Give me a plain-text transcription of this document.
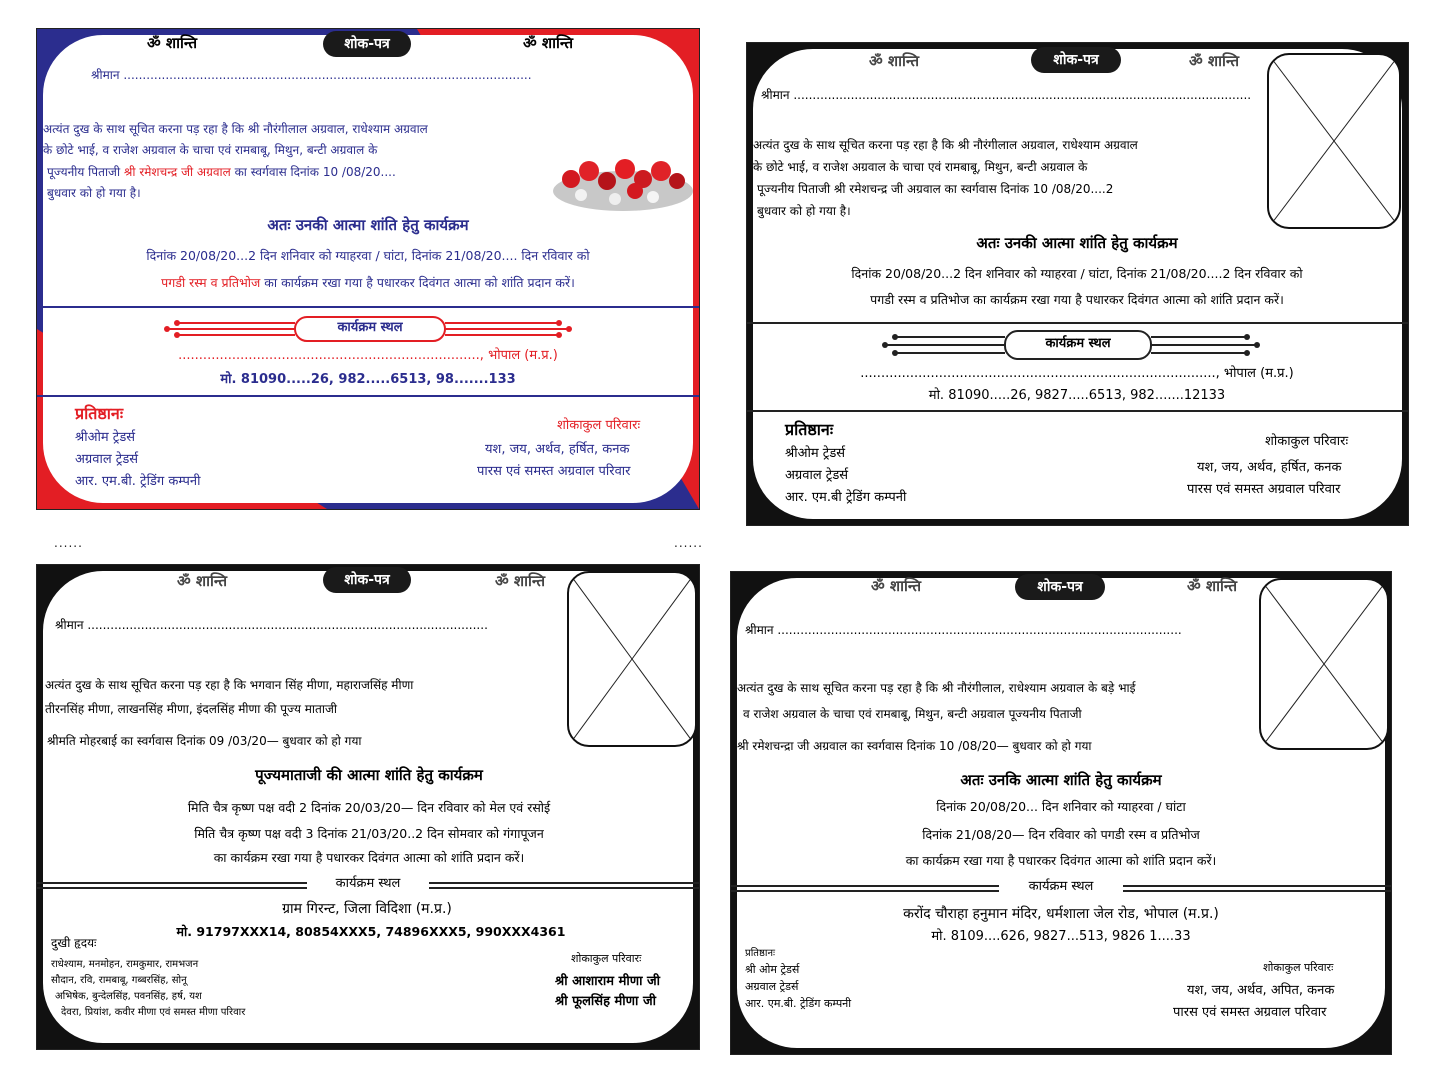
ॐ शान्ति	शोक-पत्र	ॐ शान्ति
श्रीमान ...........................................................................................................
अत्यंत दुख के साथ सूचित करना पड़ रहा है कि श्री नौरंगीलाल अग्रवाल, राधेश्याम अग्रवाल
के छोटे भाई, व राजेश अग्रवाल के चाचा एवं रामबाबू, मिथुन, बन्टी अग्रवाल के
पूज्यनीय पिताजी श्री रमेशचन्द्र जी अग्रवाल का स्वर्गवास दिनांक 10 /08/20....
बुधवार को हो गया है।
अतः उनकी आत्मा शांति हेतु कार्यक्रम
दिनांक 20/08/20...2 दिन शनिवार को ग्याहरवा / घांटा, दिनांक 21/08/20.... दिन रविवार को
पगडी रस्म व प्रतिभोज का कार्यक्रम रखा गया है पधारकर दिवंगत आत्मा को शांति प्रदान करें।
कार्यक्रम स्थल
........................................................................., भोपाल (म.प्र.)
मो. 81090.....26, 982.....6513, 98.......133
प्रतिष्ठानः
श्रीओम ट्रेडर्स
अग्रवाल ट्रेडर्स
आर. एम.बी. ट्रेडिंग कम्पनी
शोकाकुल परिवारः
यश, जय, अर्थव, हर्षित, कनक
पारस एवं समस्त अग्रवाल परिवार
ॐ शान्ति	शोक-पत्र	ॐ शान्ति
श्रीमान ........................................................................................................................
अत्यंत दुख के साथ सूचित करना पड़ रहा है कि श्री नौरंगीलाल अग्रवाल, राधेश्याम अग्रवाल
के छोटे भाई, व राजेश अग्रवाल के चाचा एवं रामबाबू, मिथुन, बन्टी अग्रवाल के
पूज्यनीय पिताजी श्री रमेशचन्द्र जी अग्रवाल का स्वर्गवास दिनांक 10 /08/20....2
बुधवार को हो गया है।
अतः उनकी आत्मा शांति हेतु कार्यक्रम
दिनांक 20/08/20...2 दिन शनिवार को ग्याहरवा / घांटा, दिनांक 21/08/20....2 दिन रविवार को
पगडी रस्म व प्रतिभोज का कार्यक्रम रखा गया है पधारकर दिवंगत आत्मा को शांति प्रदान करें।
कार्यक्रम स्थल
......................................................................................, भोपाल (म.प्र.)
मो. 81090.....26, 9827.....6513, 982.......12133
प्रतिष्ठानः
श्रीओम ट्रेडर्स
अग्रवाल ट्रेडर्स
आर. एम.बी ट्रेडिंग कम्पनी
शोकाकुल परिवारः
यश, जय, अर्थव, हर्षित, कनक
पारस एवं समस्त अग्रवाल परिवार
......	......
ॐ शान्ति	शोक-पत्र	ॐ शान्ति
श्रीमान .........................................................................................................
अत्यंत दुख के साथ सूचित करना पड़ रहा है कि भगवान सिंह मीणा, महाराजसिंह मीणा
तीरनसिंह मीणा, लाखनसिंह मीणा, इंदलसिंह मीणा की पूज्य माताजी
श्रीमति मोहरबाई का स्वर्गवास दिनांक 09 /03/20— बुधवार को हो गया
पूज्यमाताजी की आत्मा शांति हेतु कार्यक्रम
मिति चैत्र कृष्ण पक्ष वदी 2 दिनांक 20/03/20— दिन रविवार को मेल एवं रसोई
मिति चैत्र कृष्ण पक्ष वदी 3 दिनांक 21/03/20..2 दिन सोमवार को गंगापूजन
का कार्यक्रम रखा गया है पधारकर दिवंगत आत्मा को शांति प्रदान करें।
कार्यक्रम स्थल
ग्राम गिरन्ट, जिला विदिशा (म.प्र.)
मो. 91797XXX14, 80854XXX5, 74896XXX5, 990XXX4361
दुखी हृदयः
राधेश्याम, मनमोहन, रामकुमार, रामभजन
सौदान, रवि, रामबाबू, गब्बरसिंह, सोनू
अभिषेक, बुन्देलसिंह, पवनसिंह, हर्ष, यश
देवरा, प्रियांश, कवीर मीणा एवं समस्त मीणा परिवार
शोकाकुल परिवारः
श्री आशाराम मीणा जी
श्री फूलसिंह मीणा जी
ॐ शान्ति	शोक-पत्र	ॐ शान्ति
श्रीमान ..........................................................................................................
अत्यंत दुख के साथ सूचित करना पड़ रहा है कि श्री नौरंगीलाल, राधेश्याम अग्रवाल के बड़े भाई
व राजेश अग्रवाल के चाचा एवं रामबाबू, मिथुन, बन्टी अग्रवाल पूज्यनीय पिताजी
श्री रमेशचन्द्रा जी अग्रवाल का स्वर्गवास दिनांक 10 /08/20— बुधवार को हो गया
अतः उनकि आत्मा शांति हेतु कार्यक्रम
दिनांक 20/08/20... दिन शनिवार को ग्याहरवा / घांटा
दिनांक 21/08/20— दिन रविवार को पगडी रस्म व प्रतिभोज
का कार्यक्रम रखा गया है पधारकर दिवंगत आत्मा को शांति प्रदान करें।
कार्यक्रम स्थल
करोंद चौराहा हनुमान मंदिर, धर्मशाला जेल रोड, भोपाल (म.प्र.)
मो. 8109....626, 9827...513, 9826 1....33
प्रतिष्ठानः
श्री ओम ट्रेडर्स
अग्रवाल ट्रेडर्स
आर. एम.बी. ट्रेडिंग कम्पनी
शोकाकुल परिवारः
यश, जय, अर्थव, अपित, कनक
पारस एवं समस्त अग्रवाल परिवार
